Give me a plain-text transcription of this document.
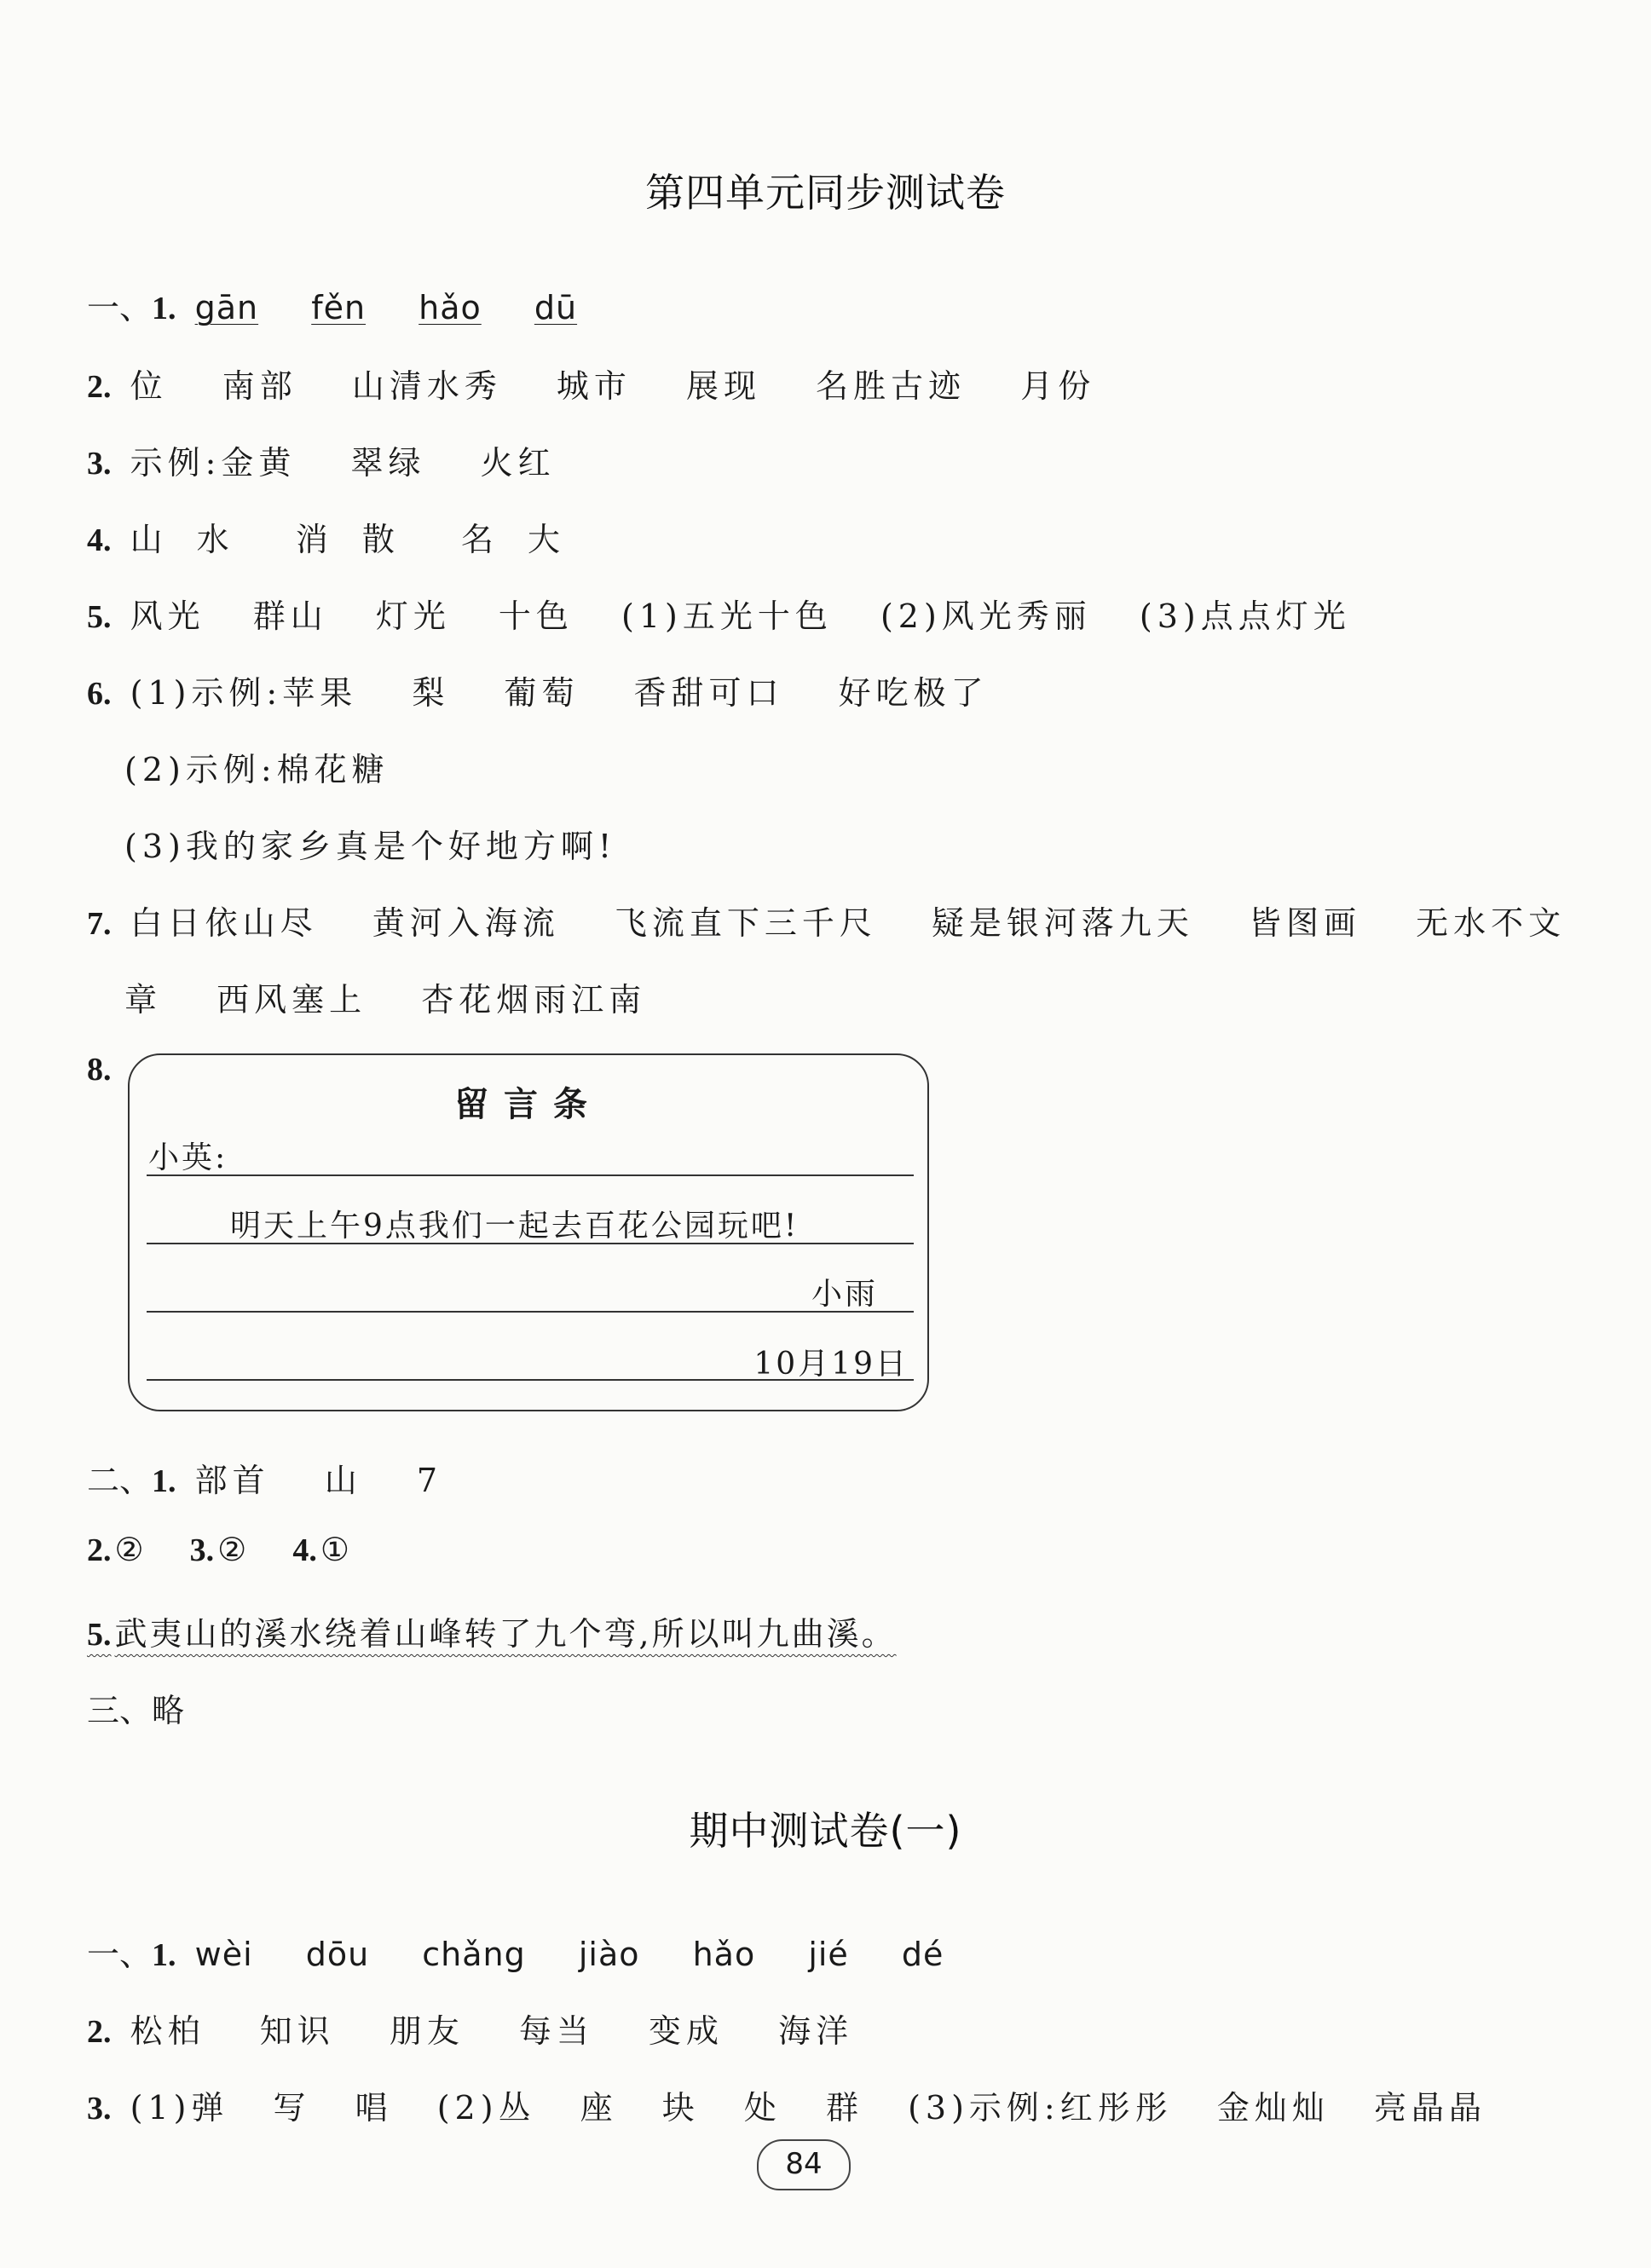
第四单元同步测试卷
一、1. gān fěn hǎo dū
2. 位 南部 山清水秀 城市 展现 名胜古迹 月份
3. 示例:金黄 翠绿 火红
4. 山 水 消 散 名 大
5. 风光 群山 灯光 十色 (1)五光十色 (2)风光秀丽 (3)点点灯光
6. (1)示例:苹果 梨 葡萄 香甜可口 好吃极了
(2)示例:棉花糖
(3)我的家乡真是个好地方啊!
7. 白日依山尽 黄河入海流 飞流直下三千尺 疑是银河落九天 皆图画 无水不文
章 西风塞上 杏花烟雨江南
8.
留言条
小英:
明天上午9点我们一起去百花公园玩吧!
小雨
10月19日
二、1. 部首 山 7
2. ② 3. ② 4. ①
5. 武夷山的溪水绕着山峰转了九个弯,所以叫九曲溪。
三、略
期中测试卷(一)
一、1. wèi dōu chǎng jiào hǎo jié dé
2. 松柏 知识 朋友 每当 变成 海洋
3. (1)弹 写 唱 (2)丛 座 块 处 群 (3)示例:红彤彤 金灿灿 亮晶晶
84
